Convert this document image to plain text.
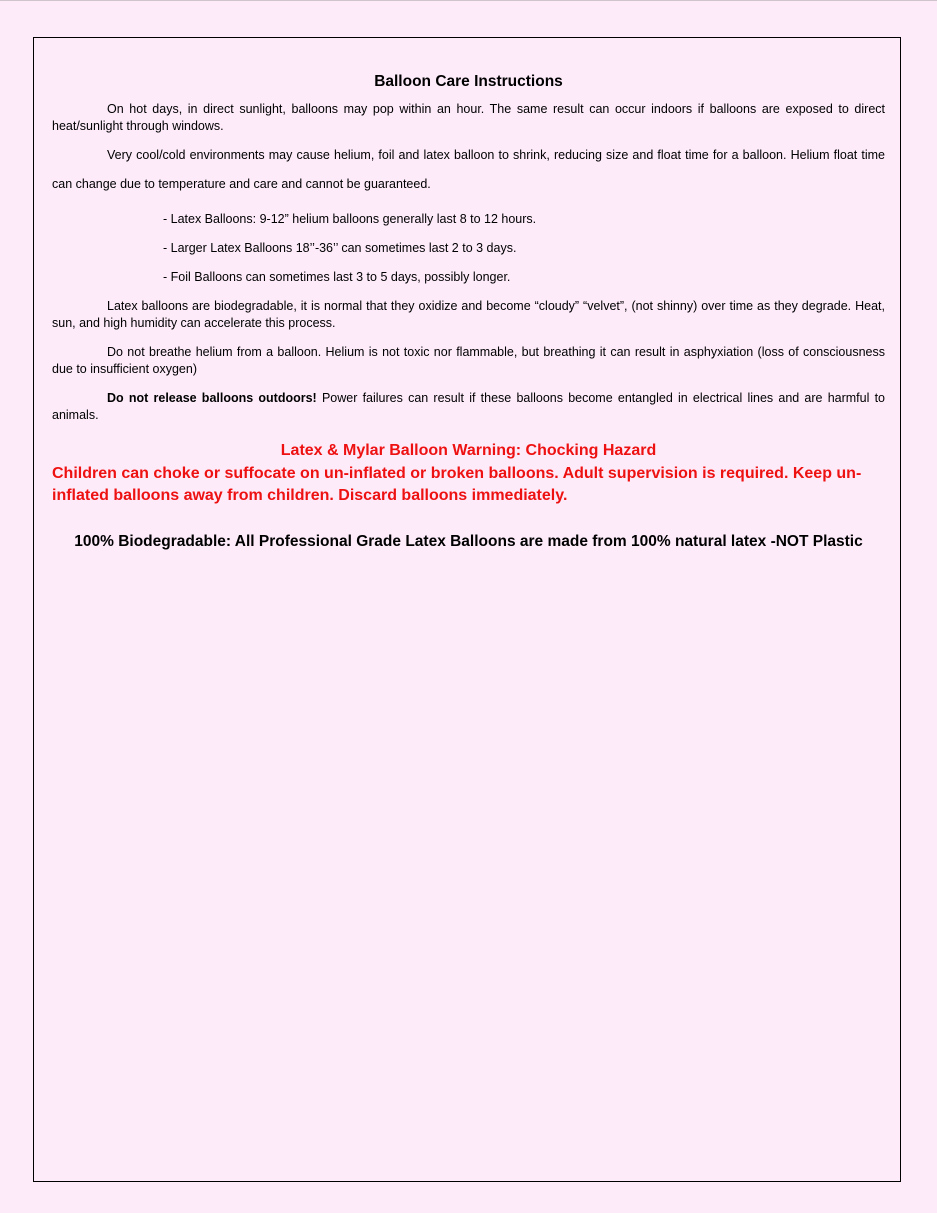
Balloon Care Instructions

On hot days, in direct sunlight, balloons may pop within an hour. The same result can occur indoors if balloons are exposed to direct heat/sunlight through windows.

Very cool/cold environments may cause helium, foil and latex balloon to shrink, reducing size and float time for a balloon. Helium float time can change due to temperature and care and cannot be guaranteed.

- Latex Balloons: 9-12” helium balloons generally last 8 to 12 hours.
- Larger Latex Balloons 18’’-36’’ can sometimes last 2 to 3 days.
- Foil Balloons can sometimes last 3 to 5 days, possibly longer.

Latex balloons are biodegradable, it is normal that they oxidize and become “cloudy” “velvet”, (not shinny) over time as they degrade. Heat, sun, and high humidity can accelerate this process.

Do not breathe helium from a balloon. Helium is not toxic nor flammable, but breathing it can result in asphyxiation (loss of consciousness due to insufficient oxygen)

Do not release balloons outdoors! Power failures can result if these balloons become entangled in electrical lines and are harmful to animals.

Latex & Mylar Balloon Warning: Chocking Hazard
Children can choke or suffocate on un-inflated or broken balloons. Adult supervision is required. Keep un-inflated balloons away from children. Discard balloons immediately.
100% Biodegradable: All Professional Grade Latex Balloons are made from 100% natural latex -NOT Plastic
